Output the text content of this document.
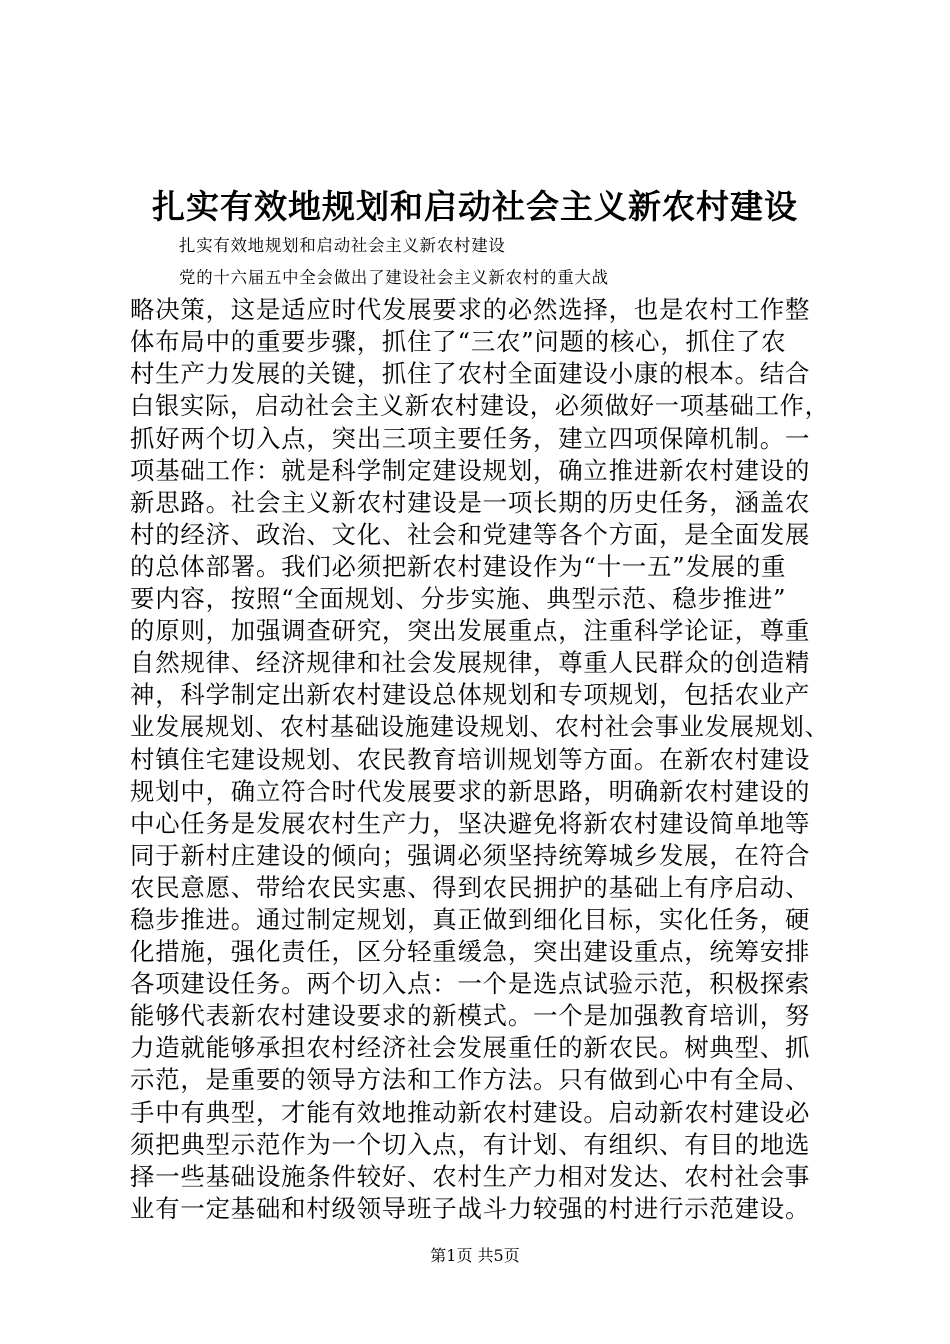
扎实有效地规划和启动社会主义新农村建设
扎实有效地规划和启动社会主义新农村建设
党的十六届五中全会做出了建设社会主义新农村的重大战
略决策，这是适应时代发展要求的必然选择，也是农村工作整
体布局中的重要步骤，抓住了“三农”问题的核心，抓住了农
村生产力发展的关键，抓住了农村全面建设小康的根本。结合
白银实际，启动社会主义新农村建设，必须做好一项基础工作，
抓好两个切入点，突出三项主要任务，建立四项保障机制。一
项基础工作：就是科学制定建设规划，确立推进新农村建设的
新思路。社会主义新农村建设是一项长期的历史任务，涵盖农
村的经济、政治、文化、社会和党建等各个方面，是全面发展
的总体部署。我们必须把新农村建设作为“十一五”发展的重
要内容，按照“全面规划、分步实施、典型示范、稳步推进”
的原则，加强调查研究，突出发展重点，注重科学论证，尊重
自然规律、经济规律和社会发展规律，尊重人民群众的创造精
神，科学制定出新农村建设总体规划和专项规划，包括农业产
业发展规划、农村基础设施建设规划、农村社会事业发展规划、
村镇住宅建设规划、农民教育培训规划等方面。在新农村建设
规划中，确立符合时代发展要求的新思路，明确新农村建设的
中心任务是发展农村生产力，坚决避免将新农村建设简单地等
同于新村庄建设的倾向；强调必须坚持统筹城乡发展，在符合
农民意愿、带给农民实惠、得到农民拥护的基础上有序启动、
稳步推进。通过制定规划，真正做到细化目标，实化任务，硬
化措施，强化责任，区分轻重缓急，突出建设重点，统筹安排
各项建设任务。两个切入点：一个是选点试验示范，积极探索
能够代表新农村建设要求的新模式。一个是加强教育培训，努
力造就能够承担农村经济社会发展重任的新农民。树典型、抓
示范，是重要的领导方法和工作方法。只有做到心中有全局、
手中有典型，才能有效地推动新农村建设。启动新农村建设必
须把典型示范作为一个切入点，有计划、有组织、有目的地选
择一些基础设施条件较好、农村生产力相对发达、农村社会事
业有一定基础和村级领导班子战斗力较强的村进行示范建设。
第1页 共5页
